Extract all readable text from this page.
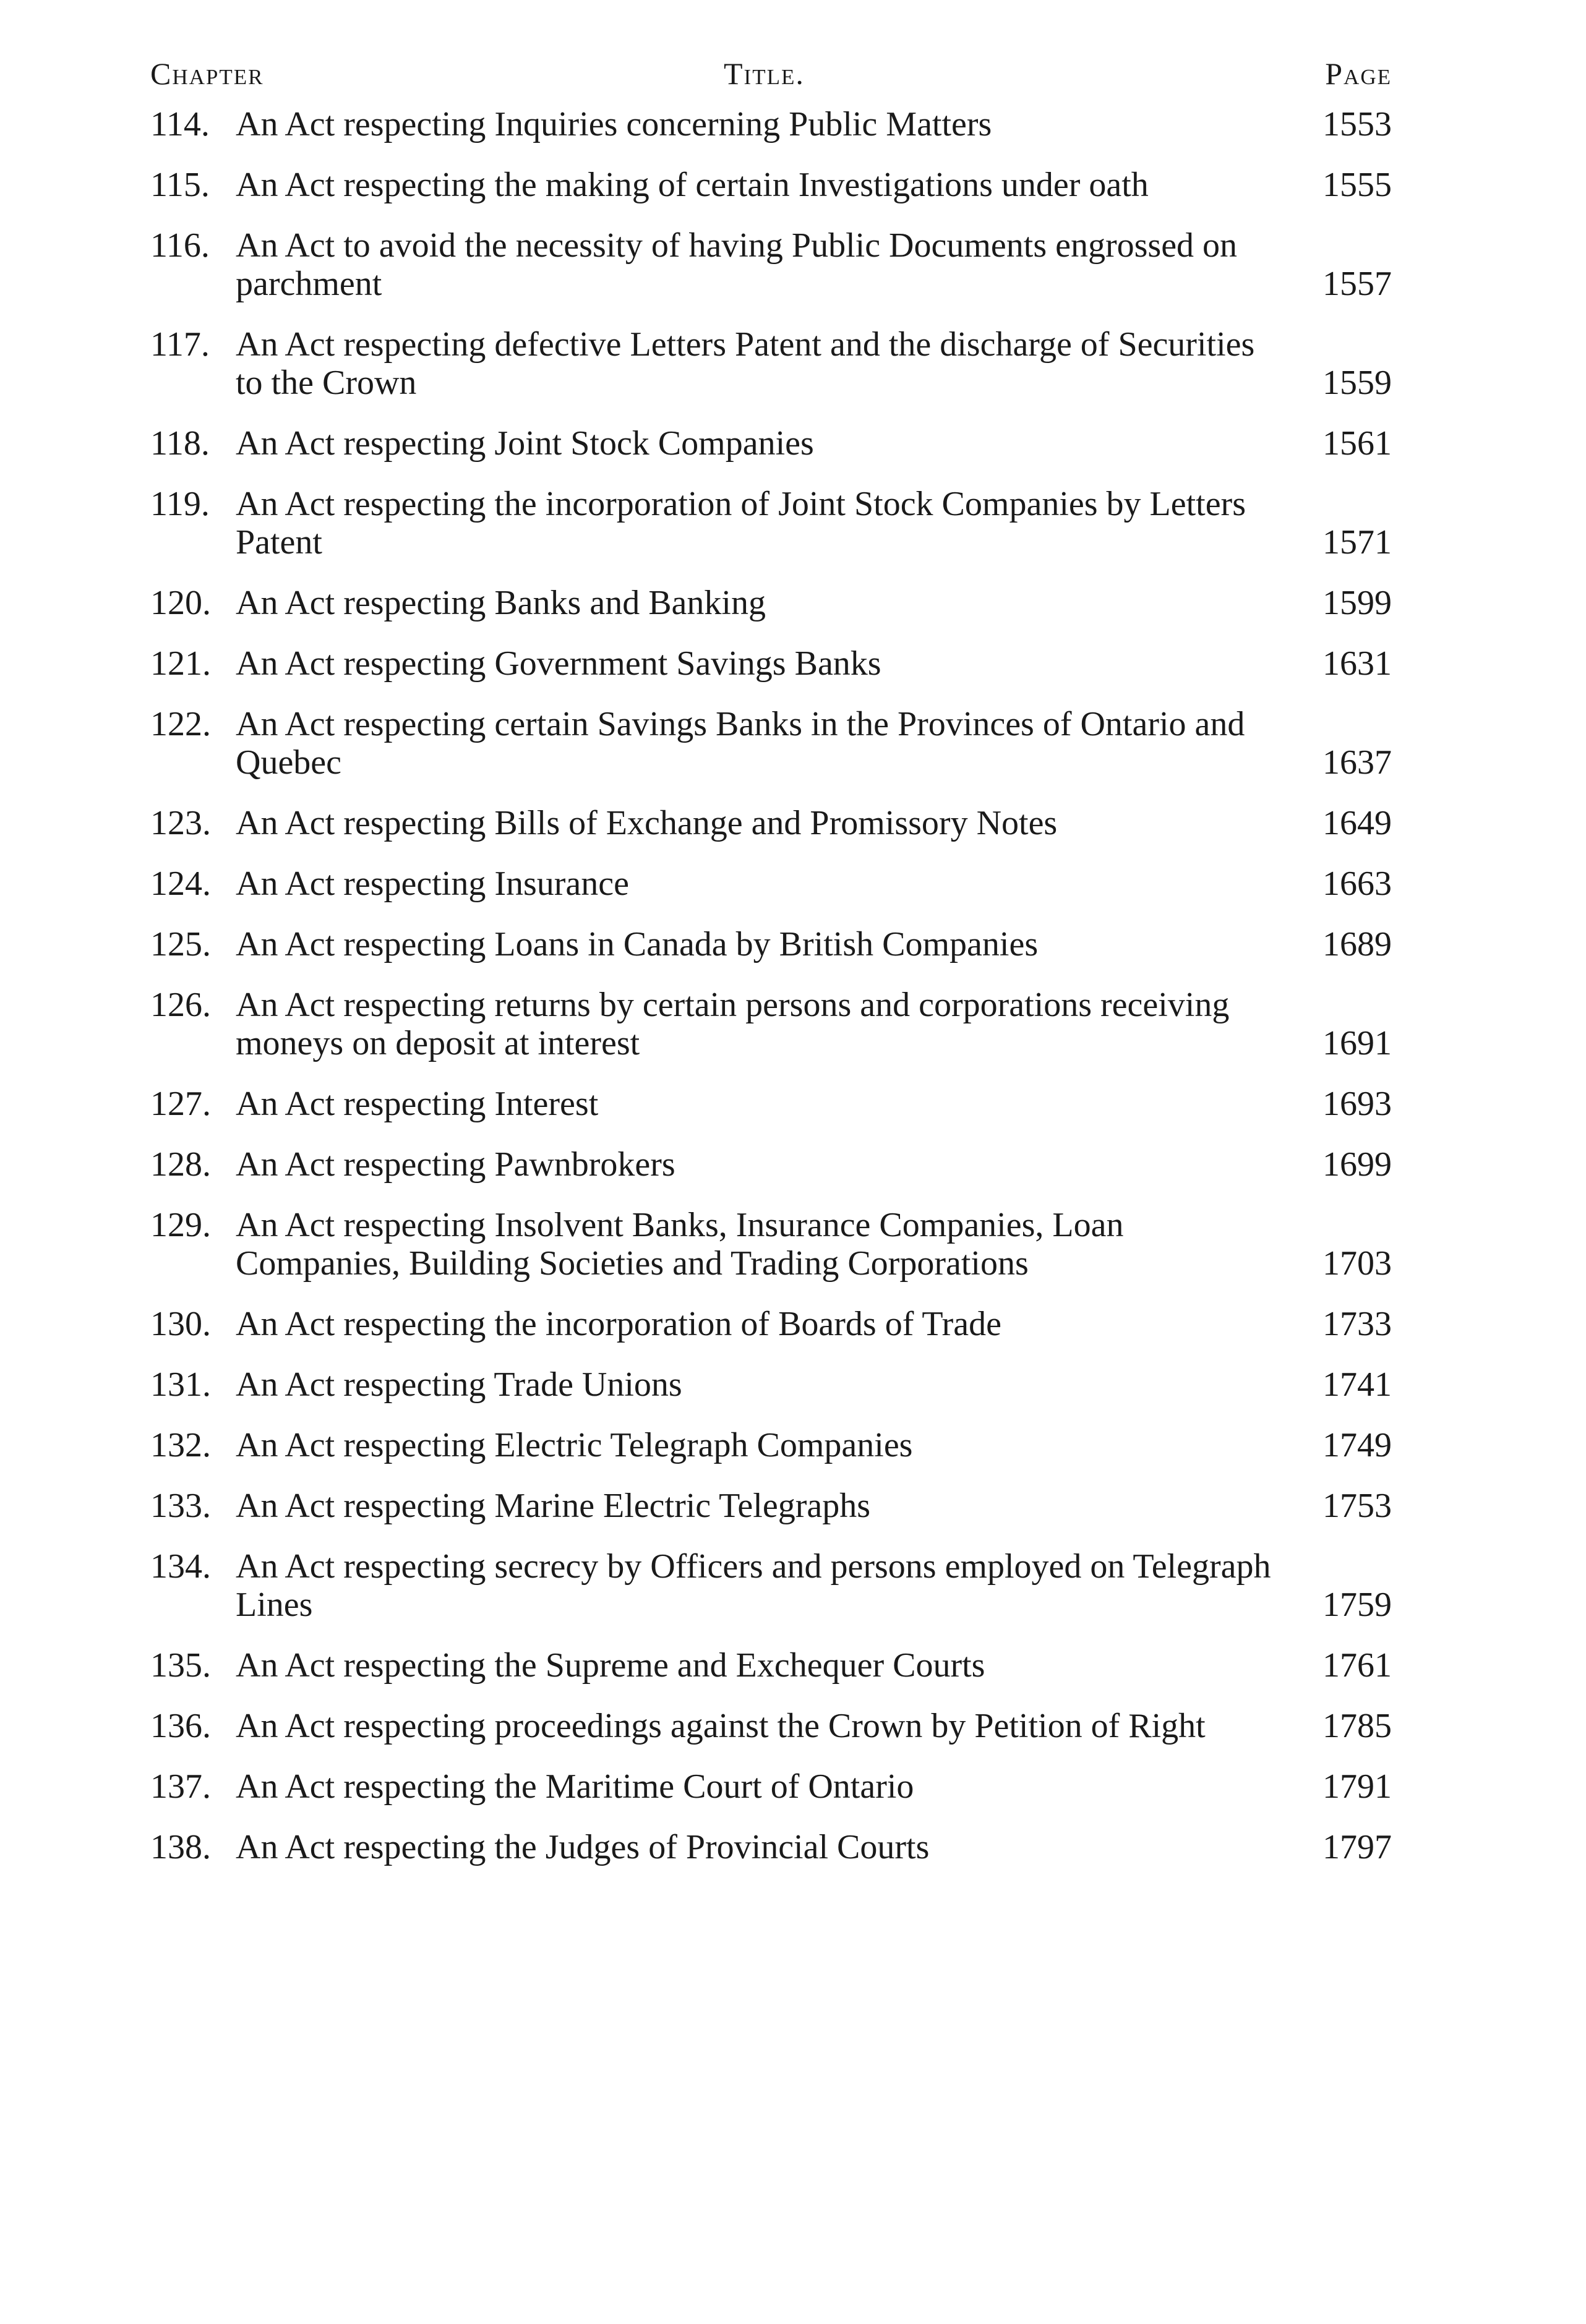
Chapter	Title.	Page
114. An Act respecting Inquiries concerning Public Matters	1553
115. An Act respecting the making of certain Investigations under oath	1555
116. An Act to avoid the necessity of having Public Documents engrossed on parchment	1557
117. An Act respecting defective Letters Patent and the discharge of Securities to the Crown	1559
118. An Act respecting Joint Stock Companies	1561
119. An Act respecting the incorporation of Joint Stock Companies by Letters Patent	1571
120. An Act respecting Banks and Banking	1599
121. An Act respecting Government Savings Banks	1631
122. An Act respecting certain Savings Banks in the Provinces of Ontario and Quebec	1637
123. An Act respecting Bills of Exchange and Promissory Notes	1649
124. An Act respecting Insurance	1663
125. An Act respecting Loans in Canada by British Companies	1689
126. An Act respecting returns by certain persons and corporations receiving moneys on deposit at interest	1691
127. An Act respecting Interest	1693
128. An Act respecting Pawnbrokers	1699
129. An Act respecting Insolvent Banks, Insurance Companies, Loan Companies, Building Societies and Trading Corporations	1703
130. An Act respecting the incorporation of Boards of Trade	1733
131. An Act respecting Trade Unions	1741
132. An Act respecting Electric Telegraph Companies	1749
133. An Act respecting Marine Electric Telegraphs	1753
134. An Act respecting secrecy by Officers and persons employed on Telegraph Lines	1759
135. An Act respecting the Supreme and Exchequer Courts	1761
136. An Act respecting proceedings against the Crown by Petition of Right	1785
137. An Act respecting the Maritime Court of Ontario	1791
138. An Act respecting the Judges of Provincial Courts	1797
